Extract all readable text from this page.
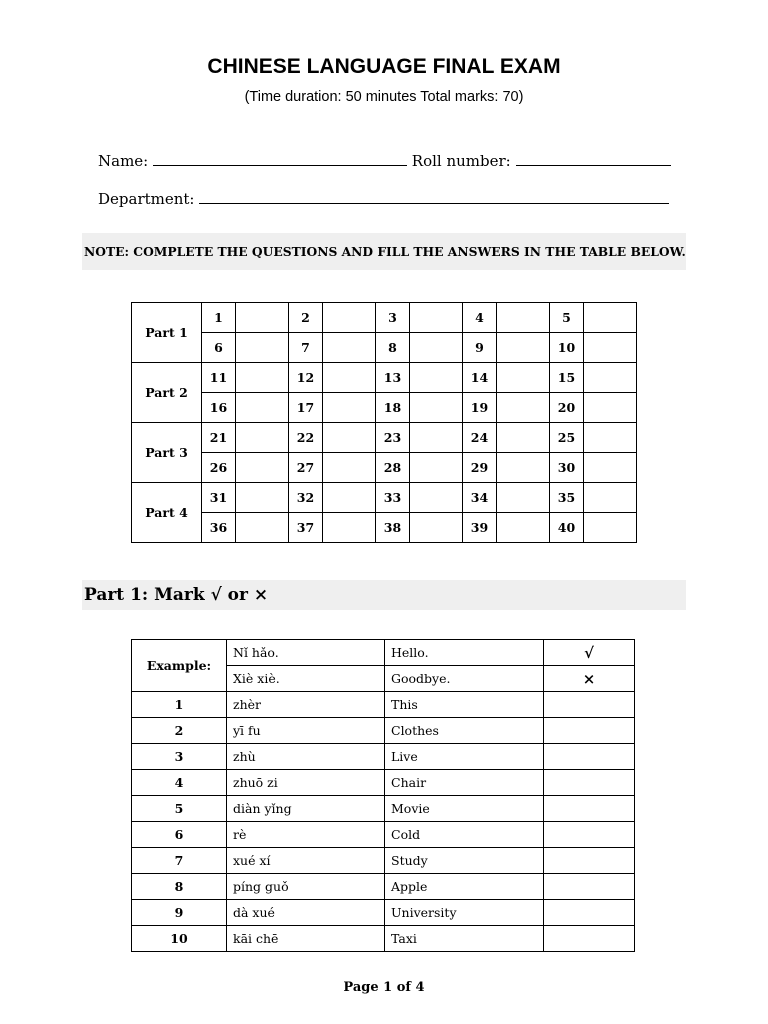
CHINESE LANGUAGE FINAL EXAM
(Time duration: 50 minutes Total marks: 70)
Name:	Roll number:
Department:
NOTE: COMPLETE THE QUESTIONS AND FILL THE ANSWERS IN THE TABLE BELOW.
Part 1	1		2		3		4		5	
	6		7		8		9		10	
Part 2	11		12		13		14		15	
	16		17		18		19		20	
Part 3	21		22		23		24		25	
	26		27		28		29		30	
Part 4	31		32		33		34		35	
	36		37		38		39		40	
Part 1: Mark √ or ×
Example:	Nǐ hǎo.	Hello.	√
	Xiè xiè.	Goodbye.	×
1	zhèr	This	
2	yī fu	Clothes	
3	zhù	Live	
4	zhuō zi	Chair	
5	diàn yǐng	Movie	
6	rè	Cold	
7	xué xí	Study	
8	píng guǒ	Apple	
9	dà xué	University	
10	kāi chē	Taxi	
Page 1 of 4
